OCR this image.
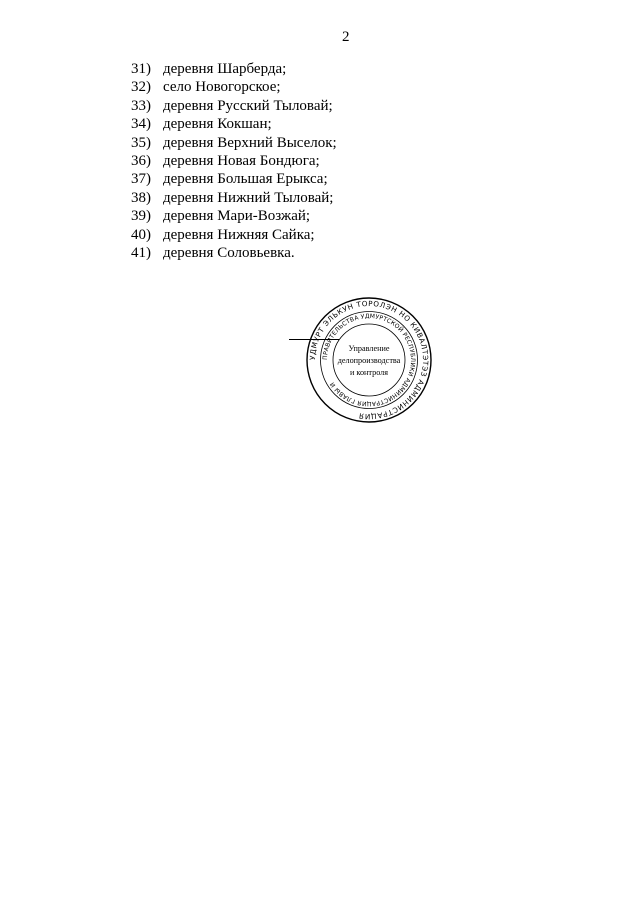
2
31) деревня Шарберда;
32) село Новогорское;
33) деревня Русский Тыловай;
34) деревня Кокшан;
35) деревня Верхний Выселок;
36) деревня Новая Бондюга;
37) деревня Большая Ерыкса;
38) деревня Нижний Тыловай;
39) деревня Мари-Возжай;
40) деревня Нижняя Сайка;
41) деревня Соловьевка.
УДМУРТ ЭЛЬКУН ТОРОЛЭН НО КИВАЛТЭТЭЗ АДМИНИСТРАЦИЯ
ПРАВИТЕЛЬСТВА УДМУРТСКОЙ РЕСПУБЛИКИ АДМИНИСТРАЦИЯ ГЛАВЫ И
Управление
делопроизводства
и контроля
